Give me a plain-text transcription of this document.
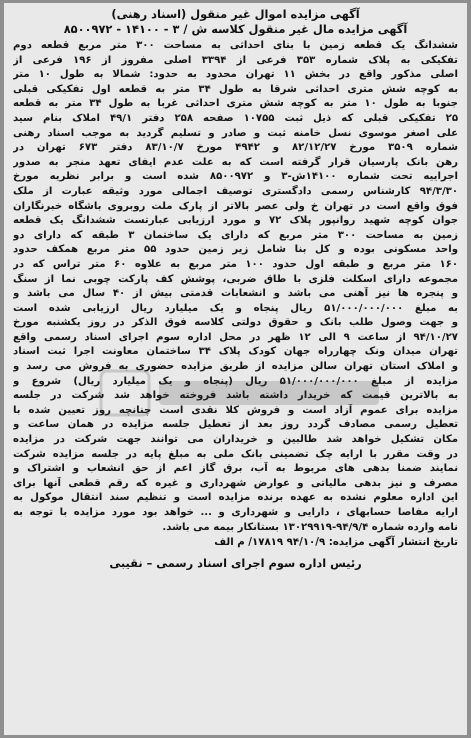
آگهی مزایده اموال غیر منقول (اسناد رهنی)
آگهی مزایده مال غیر منقول کلاسه ش / ۳ - ۱۴۱۰۰ - ۸۵۰۰۹۷۲
ششدانگ یک قطعه زمین با بنای احداثی به مساحت ۳۰۰ متر مربع قطعه دوم
تفکیکی به پلاک شماره ۳۵۳ فرعی از ۳۳۹۴ اصلی مفروز از ۱۹۶ فرعی از
اصلی مذکور واقع در بخش ۱۱ تهران محدود به حدود: شمالا به طول ۱۰ متر
به کوچه شش متری احداثی شرقا به طول ۳۴ متر به قطعه اول تفکیکی قبلی
جنوبا به طول ۱۰ متر به کوچه شش متری احداثی غربا به طول ۳۴ متر به قطعه
۲۵ تفکیکی قبلی که ذیل ثبت ۱۰۷۵۵ صفحه ۲۵۸ دفتر ۴۹/۱ املاک بنام سید
علی اصغر موسوی نسل خامنه ثبت و صادر و تسلیم گردید به موجب اسناد رهنی
شماره ۳۵۰۹ مورخ ۸۲/۱۲/۲۷ و ۴۹۴۲ مورخ ۸۳/۱۰/۷ دفتر ۶۷۳ تهران در
رهن بانک پارسیان قرار گرفته است که به علت عدم ایفای تعهد منجر به صدور
اجراییه تحت شماره ۱۴۱۰۰ش-۳ و ۸۵۰۰۹۷۲ شده است و برابر نظریه مورخ
۹۴/۳/۳۰ کارشناس رسمی دادگستری توصیف اجمالی مورد وثیقه عبارت از ملک
فوق واقع است در تهران خ ولی عصر بالاتر از پارک ملت روبروی باشگاه خبرنگاران
جوان کوچه شهید روانپور پلاک ۷۲ و مورد ارزیابی عبارتست ششدانگ یک قطعه
زمین به مساحت ۳۰۰ متر مربع که دارای یک ساختمان ۳ طبقه که دارای دو
واحد مسکونی بوده و کل بنا شامل زیر زمین حدود ۵۵ متر مربع همکف حدود
۱۶۰ متر مربع و طبقه اول حدود ۱۰۰ متر مربع به علاوه ۶۰ متر تراس که در
مجموعه دارای اسکلت فلزی با طاق ضربی، پوشش کف پارکت چوبی نما از سنگ
و پنجره ها نیز آهنی می باشد و انشعابات قدمتی بیش از ۴۰ سال می باشد و
به مبلغ ۵۱/۰۰۰/۰۰۰/۰۰۰ ریال پنجاه و یک میلیارد ریال ارزیابی شده است
و جهت وصول طلب بانک و حقوق دولتی کلاسه فوق الذکر در روز یکشنبه مورخ
۹۴/۱۰/۲۷ از ساعت ۹ الی ۱۲ ظهر در محل اداره سوم اجرای اسناد رسمی واقع
تهران میدان ونک چهارراه جهان کودک پلاک ۳۴ ساختمان معاونت اجرا ثبت اسناد
و املاک استان تهران سالن مزایده از طریق مزایده حضوری به فروش می رسد و
مزایده از مبلغ ۵۱/۰۰۰/۰۰۰/۰۰۰ ریال (پنجاه و یک میلیارد ریال) شروع و
به بالاترین قیمت که خریدار داشته باشد فروخته خواهد شد شرکت در جلسه
مزایده برای عموم آزاد است و فروش کلا نقدی است چنانچه روز تعیین شده با
تعطیل رسمی مصادف گردد روز بعد از تعطیل جلسه مزایده در همان ساعت و
مکان تشکیل خواهد شد طالبین و خریداران می توانند جهت شرکت در مزایده
در وقت مقرر با ارایه چک تضمینی بانک ملی به مبلغ پایه در جلسه مزایده شرکت
نمایند ضمنا بدهی های مربوط به آب، برق گاز اعم از حق انشعاب و اشتراک و
مصرف و نیز بدهی مالیاتی و عوارض شهرداری و غیره که رقم قطعی آنها برای
این اداره معلوم نشده به عهده برنده مزایده است و تنظیم سند انتقال موکول به
ارایه مفاصا حسابهای ، دارایی و شهرداری و ... خواهد بود مورد مزایده با توجه به
نامه وارده شماره ۹۴/۹/۴-۱۳۰۲۹۹۱۹ بستانکار بیمه می باشد.
تاریخ انتشار آگهی مزایده: ۹۴/۱۰/۹ ۱۷۸۱۹/ م الف
رئیس اداره سوم اجرای اسناد رسمی – نقیبی
